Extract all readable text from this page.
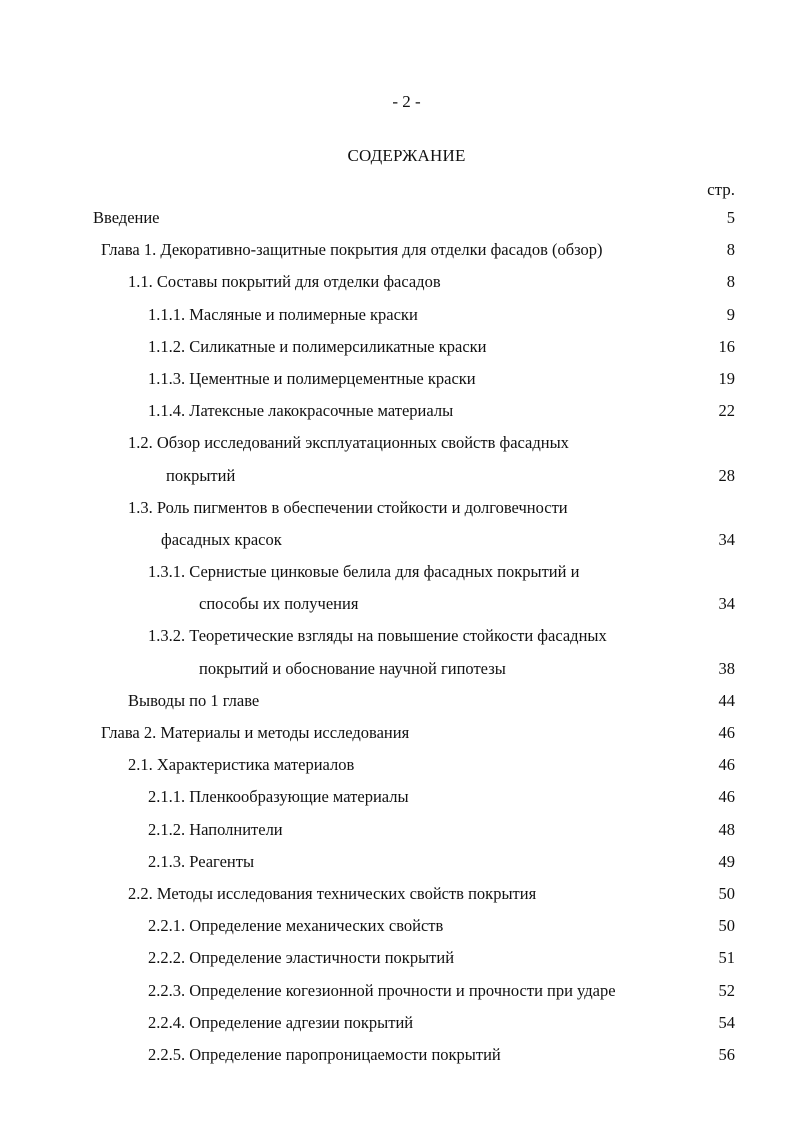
- 2 -
СОДЕРЖАНИЕ
стр.
Введение	5
Глава 1. Декоративно-защитные покрытия для отделки фасадов (обзор)	8
1.1. Составы покрытий для отделки фасадов	8
1.1.1. Масляные и полимерные краски	9
1.1.2. Силикатные и полимерсиликатные краски	16
1.1.3. Цементные и полимерцементные краски	19
1.1.4. Латексные лакокрасочные материалы	22
1.2. Обзор исследований эксплуатационных свойств фасадных
покрытий	28
1.3. Роль пигментов в обеспечении стойкости и долговечности
фасадных красок	34
1.3.1. Сернистые цинковые белила для фасадных покрытий и
способы их получения	34
1.3.2. Теоретические взгляды на повышение стойкости фасадных
покрытий и обоснование научной гипотезы	38
Выводы по 1 главе	44
Глава 2. Материалы и методы исследования	46
2.1. Характеристика материалов	46
2.1.1. Пленкообразующие материалы	46
2.1.2. Наполнители	48
2.1.3. Реагенты	49
2.2. Методы исследования технических свойств покрытия	50
2.2.1. Определение механических свойств	50
2.2.2. Определение эластичности покрытий	51
2.2.3. Определение когезионной прочности и прочности при ударе	52
2.2.4. Определение адгезии покрытий	54
2.2.5. Определение паропроницаемости покрытий	56
